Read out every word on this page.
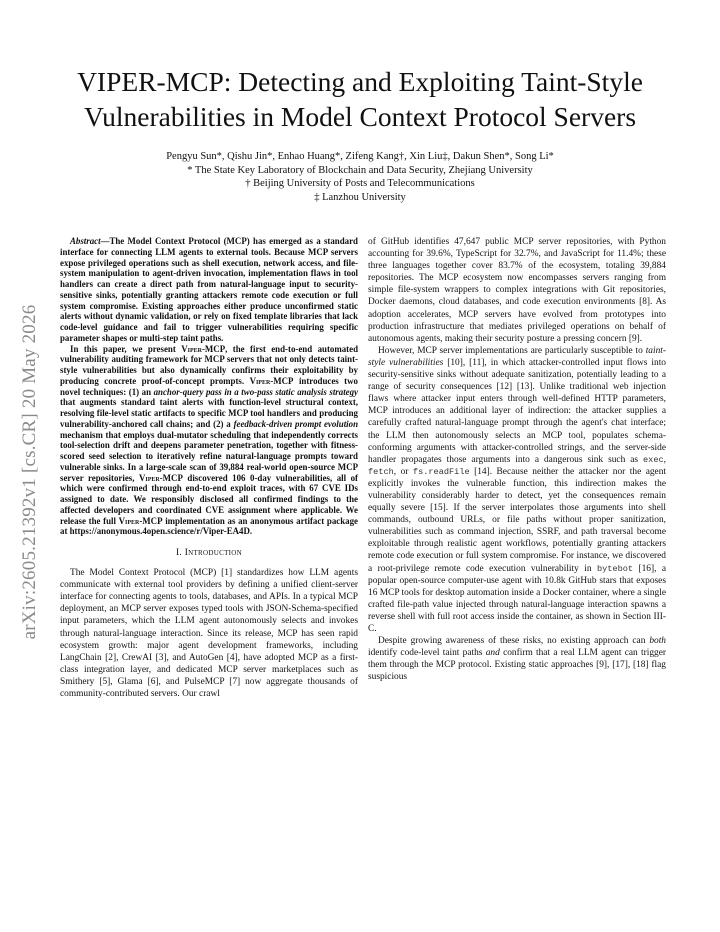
arXiv:2605.21392v1 [cs.CR] 20 May 2026
VIPER-MCP: Detecting and Exploiting Taint-Style Vulnerabilities in Model Context Protocol Servers
Pengyu Sun*, Qishu Jin*, Enhao Huang*, Zifeng Kang†, Xin Liu‡, Dakun Shen*, Song Li*
* The State Key Laboratory of Blockchain and Data Security, Zhejiang University
† Beijing University of Posts and Telecommunications
‡ Lanzhou University

Abstract—The Model Context Protocol (MCP) has emerged as a standard interface for connecting LLM agents to external tools. Because MCP servers expose privileged operations such as shell execution, network access, and file-system manipulation to agent-driven invocation, implementation flaws in tool handlers can create a direct path from natural-language input to security-sensitive sinks, potentially granting attackers remote code execution or full system compromise. Existing approaches either produce unconfirmed static alerts without dynamic validation, or rely on fixed template libraries that lack code-level guidance and fail to trigger vulnerabilities requiring specific parameter shapes or multi-step taint paths.

In this paper, we present Viper-MCP, the first end-to-end automated vulnerability auditing framework for MCP servers that not only detects taint-style vulnerabilities but also dynamically confirms their exploitability by producing concrete proof-of-concept prompts. Viper-MCP introduces two novel techniques: (1) an anchor-query pass in a two-pass static analysis strategy that augments standard taint alerts with function-level structural context, resolving file-level static artifacts to specific MCP tool handlers and producing vulnerability-anchored call chains; and (2) a feedback-driven prompt evolution mechanism that employs dual-mutator scheduling that independently corrects tool-selection drift and deepens parameter penetration, together with fitness-scored seed selection to iteratively refine natural-language prompts toward vulnerable sinks. In a large-scale scan of 39,884 real-world open-source MCP server repositories, Viper-MCP discovered 106 0-day vulnerabilities, all of which were confirmed through end-to-end exploit traces, with 67 CVE IDs assigned to date. We responsibly disclosed all confirmed findings to the affected developers and coordinated CVE assignment where applicable. We release the full Viper-MCP implementation as an anonymous artifact package at https://anonymous.4open.science/r/Viper-EA4D.

I. Introduction

The Model Context Protocol (MCP) [1] standardizes how LLM agents communicate with external tool providers by defining a unified client-server interface for connecting agents to tools, databases, and APIs. In a typical MCP deployment, an MCP server exposes typed tools with JSON-Schema-specified input parameters, which the LLM agent autonomously selects and invokes through natural-language interaction. Since its release, MCP has seen rapid ecosystem growth: major agent development frameworks, including LangChain [2], CrewAI [3], and AutoGen [4], have adopted MCP as a first-class integration layer, and dedicated MCP server marketplaces such as Smithery [5], Glama [6], and PulseMCP [7] now aggregate thousands of community-contributed servers. Our crawl

of GitHub identifies 47,647 public MCP server repositories, with Python accounting for 39.6%, TypeScript for 32.7%, and JavaScript for 11.4%; these three languages together cover 83.7% of the ecosystem, totaling 39,884 repositories. The MCP ecosystem now encompasses servers ranging from simple file-system wrappers to complex integrations with Git repositories, Docker daemons, cloud databases, and code execution environments [8]. As adoption accelerates, MCP servers have evolved from prototypes into production infrastructure that mediates privileged operations on behalf of autonomous agents, making their security posture a pressing concern [9].

However, MCP server implementations are particularly susceptible to taint-style vulnerabilities [10], [11], in which attacker-controlled input flows into security-sensitive sinks without adequate sanitization, potentially leading to a range of security consequences [12] [13]. Unlike traditional web injection flaws where attacker input enters through well-defined HTTP parameters, MCP introduces an additional layer of indirection: the attacker supplies a carefully crafted natural-language prompt through the agent's chat interface; the LLM then autonomously selects an MCP tool, populates schema-conforming arguments with attacker-controlled strings, and the server-side handler propagates those arguments into a dangerous sink such as exec, fetch, or fs.readFile [14]. Because neither the attacker nor the agent explicitly invokes the vulnerable function, this indirection makes the vulnerability considerably harder to detect, yet the consequences remain equally severe [15]. If the server interpolates those arguments into shell commands, outbound URLs, or file paths without proper sanitization, vulnerabilities such as command injection, SSRF, and path traversal become exploitable through realistic agent workflows, potentially granting attackers remote code execution or full system compromise. For instance, we discovered a root-privilege remote code execution vulnerability in bytebot [16], a popular open-source computer-use agent with 10.8k GitHub stars that exposes 16 MCP tools for desktop automation inside a Docker container, where a single crafted file-path value injected through natural-language interaction spawns a reverse shell with full root access inside the container, as shown in Section III-C.

Despite growing awareness of these risks, no existing approach can both identify code-level taint paths and confirm that a real LLM agent can trigger them through the MCP protocol. Existing static approaches [9], [17], [18] flag suspicious
